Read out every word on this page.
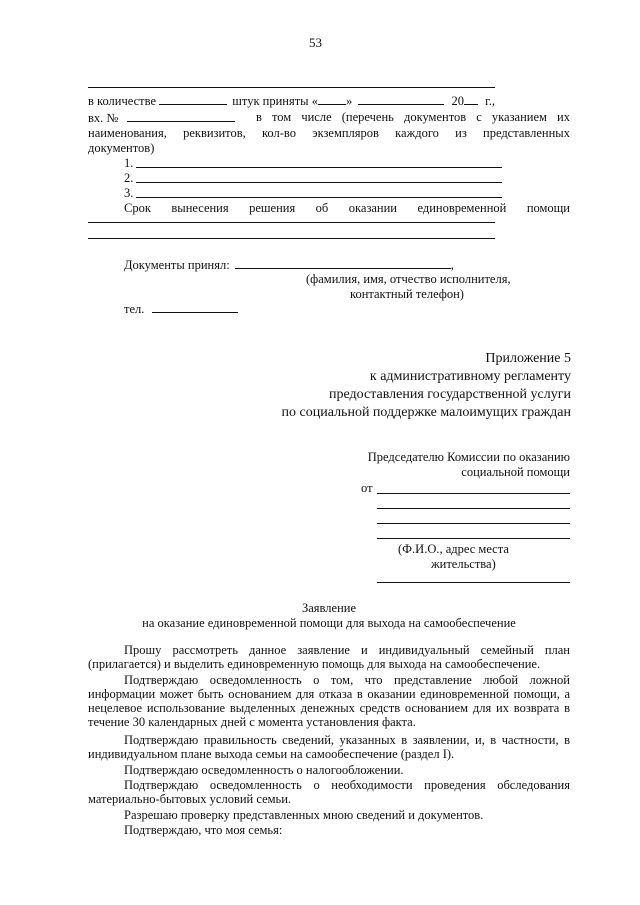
53
в количестве	штук приняты « »	20 г.,
вх. №	в том числе (перечень документов с указанием их
наименования, реквизитов, кол-во экземпляров каждого из представленных
документов)
1.
2.
3.
Срок вынесения решения об оказании единовременной помощи
Документы принял:	,
(фамилия, имя, отчество исполнителя,
контактный телефон)
тел.
Приложение 5
к административному регламенту
предоставления государственной услуги
по социальной поддержке малоимущих граждан
Председателю Комиссии по оказанию
социальной помощи
от
(Ф.И.О., адрес места
жительства)
Заявление
на оказание единовременной помощи для выхода на самообеспечение
Прошу рассмотреть данное заявление и индивидуальный семейный план (прилагается) и выделить единовременную помощь для выхода на самообеспечение.
Подтверждаю осведомленность о том, что представление любой ложной информации может быть основанием для отказа в оказании единовременной помощи, а нецелевое использование выделенных денежных средств основанием для их возврата в течение 30 календарных дней с момента установления факта.
Подтверждаю правильность сведений, указанных в заявлении, и, в частности, в индивидуальном плане выхода семьи на самообеспечение (раздел I).
Подтверждаю осведомленность о налогообложении.
Подтверждаю осведомленность о необходимости проведения обследования материально-бытовых условий семьи.
Разрешаю проверку представленных мною сведений и документов.
Подтверждаю, что моя семья:
